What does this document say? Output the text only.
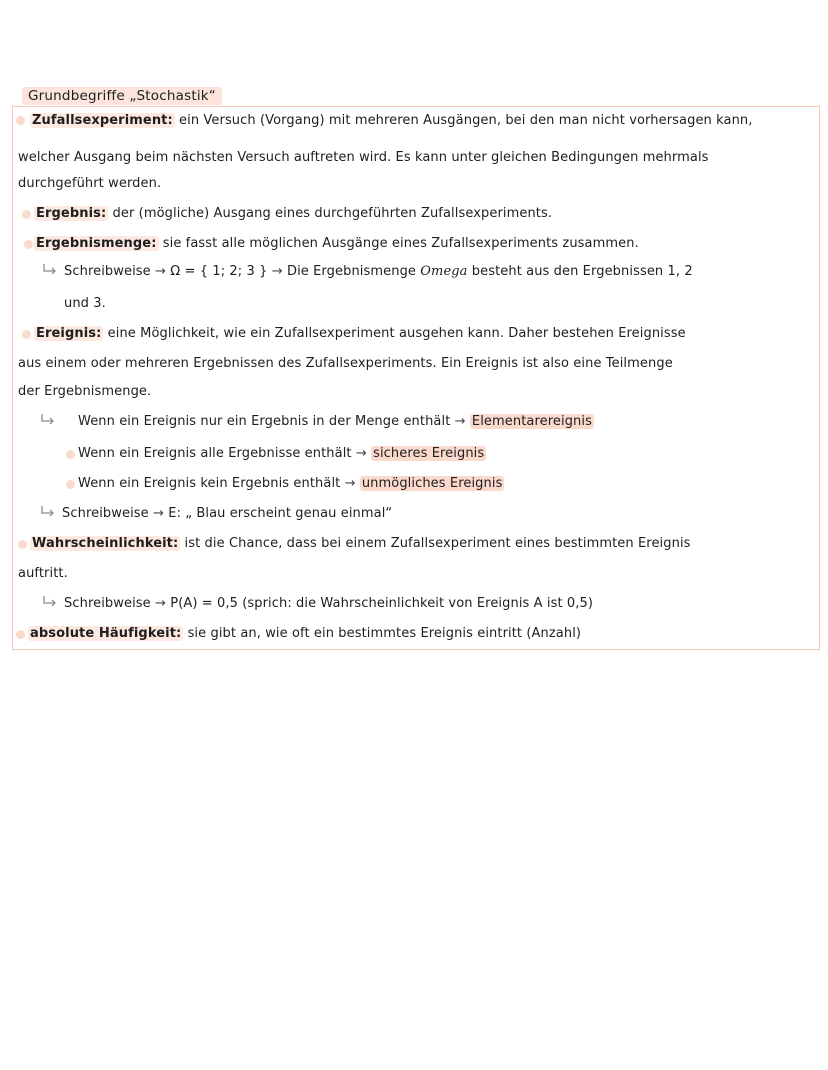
Grundbegriffe „Stochastik“
Zufallsexperiment: ein Versuch (Vorgang) mit mehreren Ausgängen, bei den man nicht vorhersagen kann,
welcher Ausgang beim nächsten Versuch auftreten wird. Es kann unter gleichen Bedingungen mehrmals
durchgeführt werden.
Ergebnis: der (mögliche) Ausgang eines durchgeführten Zufallsexperiments.
Ergebnismenge: sie fasst alle möglichen Ausgänge eines Zufallsexperiments zusammen.
Schreibweise → Ω = { 1; 2; 3 } → Die Ergebnismenge Omega besteht aus den Ergebnissen 1, 2
und 3.
Ereignis: eine Möglichkeit, wie ein Zufallsexperiment ausgehen kann. Daher bestehen Ereignisse
aus einem oder mehreren Ergebnissen des Zufallsexperiments. Ein Ereignis ist also eine Teilmenge
der Ergebnismenge.
Wenn ein Ereignis nur ein Ergebnis in der Menge enthält → Elementarereignis
Wenn ein Ereignis alle Ergebnisse enthält → sicheres Ereignis
Wenn ein Ereignis kein Ergebnis enthält → unmögliches Ereignis
Schreibweise → E: „ Blau erscheint genau einmal“
Wahrscheinlichkeit: ist die Chance, dass bei einem Zufallsexperiment eines bestimmten Ereignis
auftritt.
Schreibweise → P(A) = 0,5 (sprich: die Wahrscheinlichkeit von Ereignis A ist 0,5)
absolute Häufigkeit: sie gibt an, wie oft ein bestimmtes Ereignis eintritt (Anzahl)
